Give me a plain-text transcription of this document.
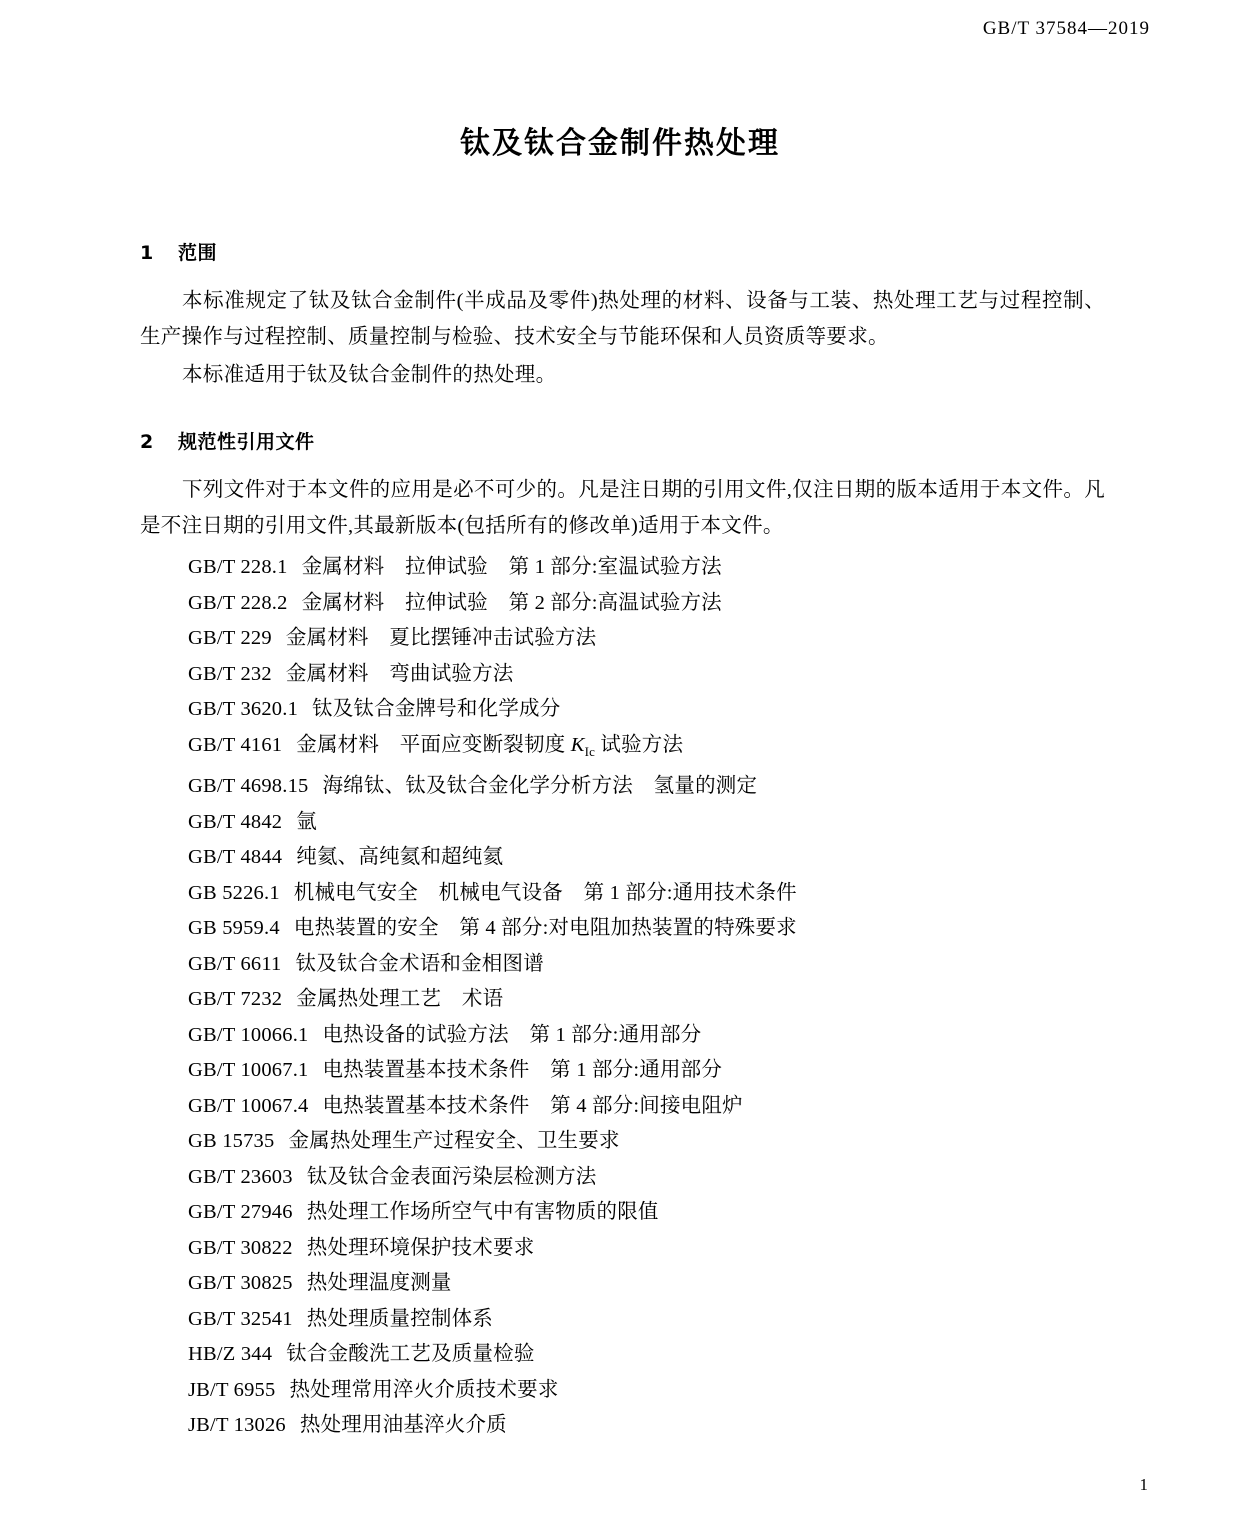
GB/T 37584—2019
钛及钛合金制件热处理
1 范围

本标准规定了钛及钛合金制件(半成品及零件)热处理的材料、设备与工装、热处理工艺与过程控制、生产操作与过程控制、质量控制与检验、技术安全与节能环保和人员资质等要求。

本标准适用于钛及钛合金制件的热处理。

2 规范性引用文件

下列文件对于本文件的应用是必不可少的。凡是注日期的引用文件,仅注日期的版本适用于本文件。凡是不注日期的引用文件,其最新版本(包括所有的修改单)适用于本文件。

GB/T 228.1 金属材料　拉伸试验　第 1 部分:室温试验方法
GB/T 228.2 金属材料　拉伸试验　第 2 部分:高温试验方法
GB/T 229 金属材料　夏比摆锤冲击试验方法
GB/T 232 金属材料　弯曲试验方法
GB/T 3620.1 钛及钛合金牌号和化学成分
GB/T 4161 金属材料　平面应变断裂韧度 $K_{Ic}$ 试验方法
GB/T 4698.15 海绵钛、钛及钛合金化学分析方法　氢量的测定
GB/T 4842 氩
GB/T 4844 纯氦、高纯氦和超纯氦
GB 5226.1 机械电气安全　机械电气设备　第 1 部分:通用技术条件
GB 5959.4 电热装置的安全　第 4 部分:对电阻加热装置的特殊要求
GB/T 6611 钛及钛合金术语和金相图谱
GB/T 7232 金属热处理工艺　术语
GB/T 10066.1 电热设备的试验方法　第 1 部分:通用部分
GB/T 10067.1 电热装置基本技术条件　第 1 部分:通用部分
GB/T 10067.4 电热装置基本技术条件　第 4 部分:间接电阻炉
GB 15735 金属热处理生产过程安全、卫生要求
GB/T 23603 钛及钛合金表面污染层检测方法
GB/T 27946 热处理工作场所空气中有害物质的限值
GB/T 30822 热处理环境保护技术要求
GB/T 30825 热处理温度测量
GB/T 32541 热处理质量控制体系
HB/Z 344 钛合金酸洗工艺及质量检验
JB/T 6955 热处理常用淬火介质技术要求
JB/T 13026 热处理用油基淬火介质
1
